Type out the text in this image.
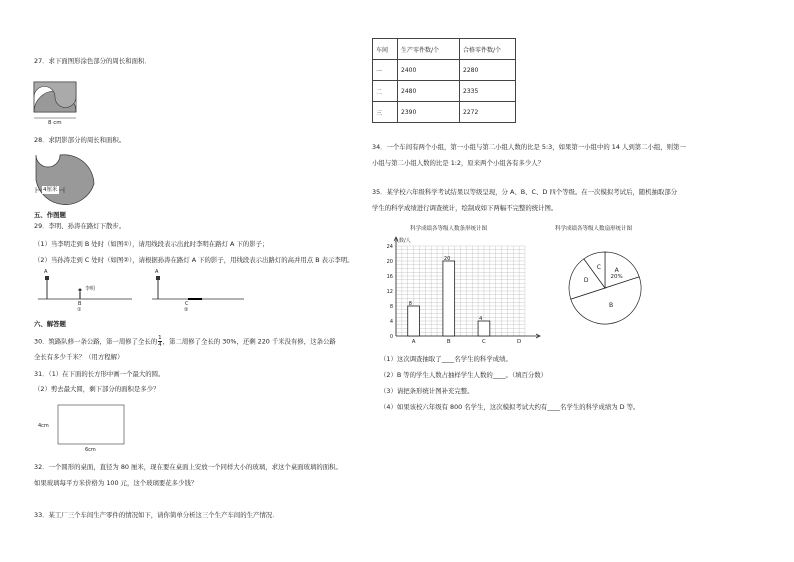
27．求下面图形涂色部分的周长和面积．
8 cm
28．求阴影部分的周长和面积。
4厘米
五、作图题
29．李明、孙涛在路灯下散步。
（1）当李明走到 B 处时（如图①），请用线段表示出此时李明在路灯 A 下的影子；
（2）当孙涛走到 C 处时（如图②），请根据孙涛在路灯 A 下的影子，用线段表示出路灯的高并用点 B 表示李明。
A
李明
B
①
A
C
②
六、解答题
30．筑路队修一条公路，第一周修了全长的 $\frac{1}{4}$ ，第二周修了全长的 30%，还剩 220 千米没有修，这条公路
全长有多少千米？（用方程解）
31．（1）在下面的长方形中画一个最大的圆。
（2）剪去最大圆，剩下部分的面积是多少？
4cm
6cm
32．一个圆形的桌面，直径为 80 厘米，现在要在桌面上安放一个同样大小的玻璃，求这个桌面玻璃的面积。
如果玻璃每平方米价格为 100 元，这个玻璃要花多少钱？
33．某工厂三个车间生产零件的情况如下，请你简单分析这三个生产车间的生产情况．
车间	生产零件数/个	合格零件数/个
一	2400	2280
二	2480	2335
三	2390	2272
34．一个车间有两个小组，第一小组与第二小组人数的比是 5:3，如果第一小组中的 14 人到第二小组，则第一
小组与第二小组人数的比是 1:2，原来两个小组各有多少人？
35．某学校六年级科学考试结果以等级呈现，分 A、B、C、D 四个等级。在一次模拟考试后，随机抽取部分
学生的科学成绩进行调查统计，绘制成如下两幅不完整的统计图。
科学成绩各等级人数条形统计图
人数/人
0
4
8
12
16
20
24
8
A
20
B
4
C	D
科学成绩各等级人数扇形统计图
A
20%
B
D
C
（1）这次调查抽取了____名学生的科学成绩。
（2）B 等的学生人数占抽样学生人数的____。（填百分数）
（3）请把条形统计图补充完整。
（4）如果该校六年级有 800 名学生，这次模拟考试大约有____名学生的科学成绩为 D 等。
